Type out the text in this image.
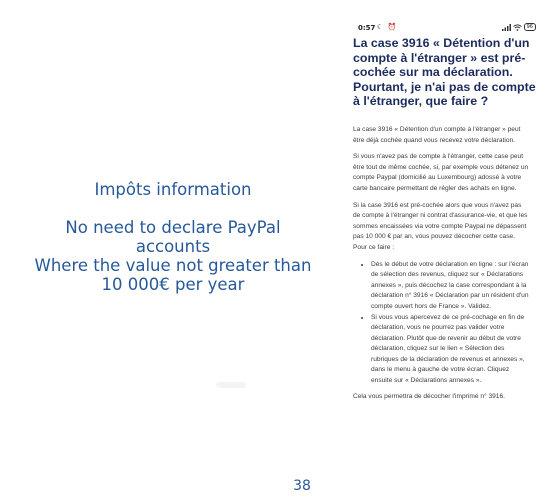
Impôts information
No need to declare PayPal
accounts
Where the value not greater than
10 000€ per year
0:57 ☾ ⏰	96
La case 3916 « Détention d'un compte à l'étranger » est pré-cochée sur ma déclaration. Pourtant, je n'ai pas de compte à l'étranger, que faire ?

La case 3916 « Détention d'un compte à l'étranger » peut être déjà cochée quand vous recevez votre déclaration.

Si vous n'avez pas de compte à l'étranger, cette case peut être tout de même cochée, si, par exemple vous détenez un compte Paypal (domicilié au Luxembourg) adossé à votre carte bancaire permettant de régler des achats en ligne.

Si la case 3916 est pré-cochée alors que vous n'avez pas de compte à l'étranger ni contrat d'assurance-vie, et que les sommes encaissées via votre compte Paypal ne dépassent pas 10 000 € par an, vous pouvez décocher cette case. Pour ce faire :

• Dès le début de votre déclaration en ligne : sur l'écran de sélection des revenus, cliquez sur « Déclarations annexes », puis décochez la case correspondant à la déclaration n° 3916 « Déclaration par un résident d'un compte ouvert hors de France ». Validez.
• Si vous vous apercevez de ce pré-cochage en fin de déclaration, vous ne pourrez pas valider votre déclaration. Plutôt que de revenir au début de votre déclaration, cliquez sur le lien « Sélection des rubriques de la déclaration de revenus et annexes », dans le menu à gauche de votre écran. Cliquez ensuite sur « Déclarations annexes ».

Cela vous permettra de décocher l'imprimé n° 3916.

38
